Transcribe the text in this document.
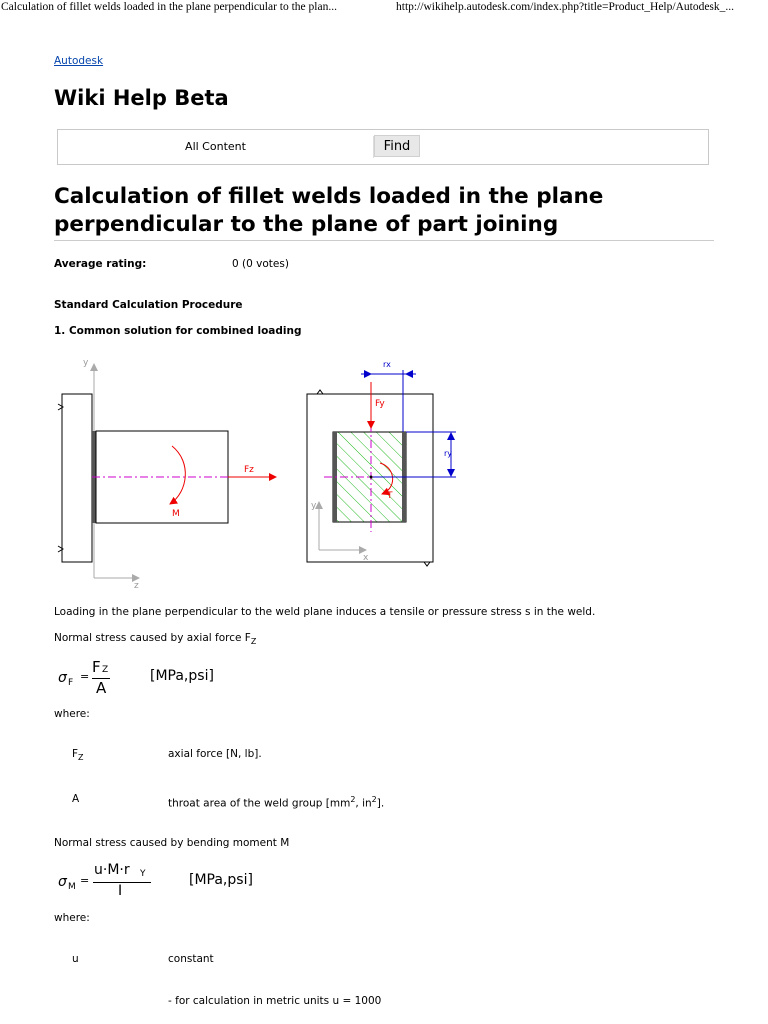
Calculation of fillet welds loaded in the plane perpendicular to the plan...	http://wikihelp.autodesk.com/index.php?title=Product_Help/Autodesk_...
Autodesk
Wiki Help Beta
All Content	Find
Calculation of fillet welds loaded in the plane perpendicular to the plane of part joining
Average rating:	0 (0 votes)
Standard Calculation Procedure
1. Common solution for combined loading
y
z
Fz
M
y
x
Fy
T
rx
ry
Loading in the plane perpendicular to the weld plane induces a tensile or pressure stress s in the weld.
Normal stress caused by axial force $F_Z$
σ F =
F Z
A
[MPa,psi]
where:
$F_Z$	axial force [N, lb].
A	throat area of the weld group [$mm^2$, $in^2$].
Normal stress caused by bending moment M
σ M =
u·M·r Y
I
[MPa,psi]
where:
u	constant
- for calculation in metric units u = 1000
